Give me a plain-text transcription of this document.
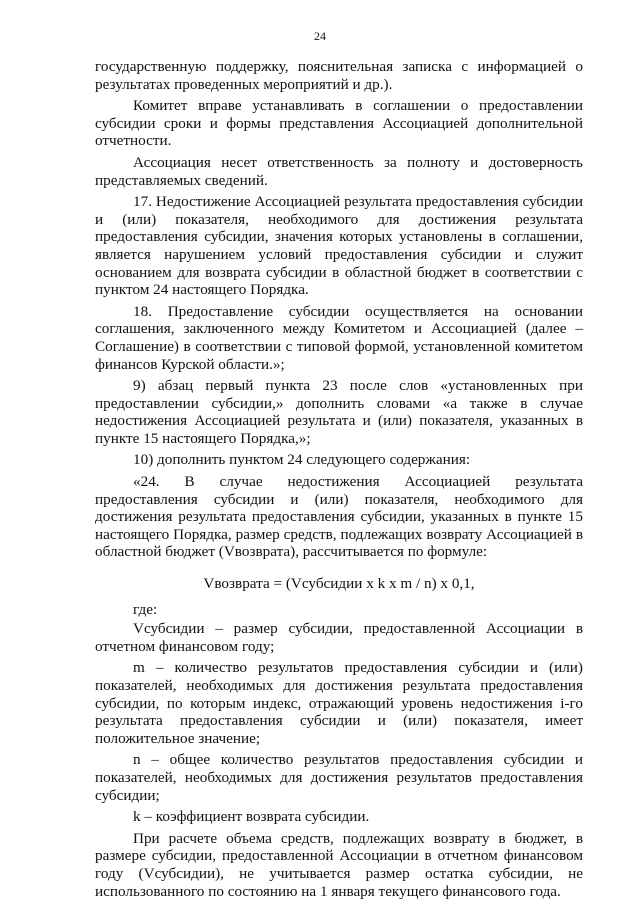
24

государственную поддержку, пояснительная записка с информацией о результатах проведенных мероприятий и др.).

Комитет вправе устанавливать в соглашении о предоставлении субсидии сроки и формы представления Ассоциацией дополнительной отчетности.

Ассоциация несет ответственность за полноту и достоверность представляемых сведений.

17. Недостижение Ассоциацией результата предоставления субсидии и (или) показателя, необходимого для достижения результата предоставления субсидии, значения которых установлены в соглашении, является нарушением условий предоставления субсидии и служит основанием для возврата субсидии в областной бюджет в соответствии с пунктом 24 настоящего Порядка.

18. Предоставление субсидии осуществляется на основании соглашения, заключенного между Комитетом и Ассоциацией (далее – Соглашение) в соответствии с типовой формой, установленной комитетом финансов Курской области.»;

9) абзац первый пункта 23 после слов «установленных при предоставлении субсидии,» дополнить словами «а также в случае недостижения Ассоциацией результата и (или) показателя, указанных в пункте 15 настоящего Порядка,»;

10) дополнить пунктом 24 следующего содержания:

«24. В случае недостижения Ассоциацией результата предоставления субсидии и (или) показателя, необходимого для достижения результата предоставления субсидии, указанных в пункте 15 настоящего Порядка, размер средств, подлежащих возврату Ассоциацией в областной бюджет (Vвозврата), рассчитывается по формуле:

Vвозврата = (Vсубсидии x k x m / n) x 0,1,

где:

Vсубсидии – размер субсидии, предоставленной Ассоциации в отчетном финансовом году;

m – количество результатов предоставления субсидии и (или) показателей, необходимых для достижения результата предоставления субсидии, по которым индекс, отражающий уровень недостижения i-го результата предоставления субсидии и (или) показателя, имеет положительное значение;

n – общее количество результатов предоставления субсидии и показателей, необходимых для достижения результатов предоставления субсидии;

k – коэффициент возврата субсидии.

При расчете объема средств, подлежащих возврату в бюджет, в размере субсидии, предоставленной Ассоциации в отчетном финансовом году (Vсубсидии), не учитывается размер остатка субсидии, не использованного по состоянию на 1 января текущего финансового года.
